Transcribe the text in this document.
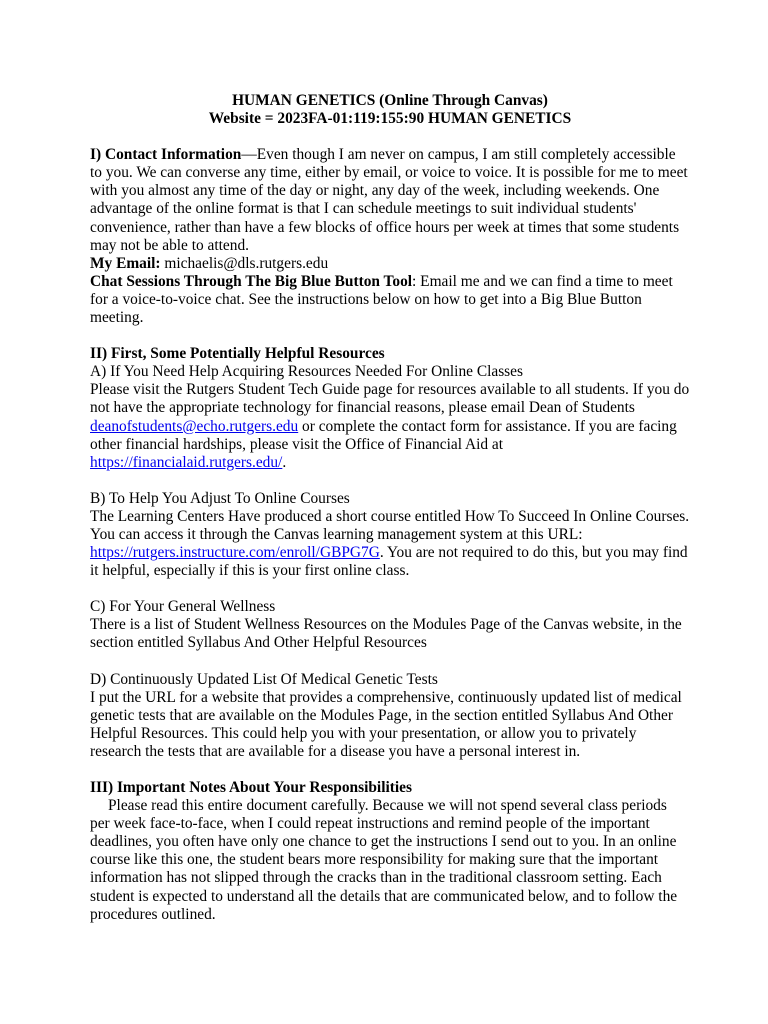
HUMAN GENETICS (Online Through Canvas)

Website = 2023FA-01:119:155:90 HUMAN GENETICS

I) Contact Information—Even though I am never on campus, I am still completely accessible to you. We can converse any time, either by email, or voice to voice. It is possible for me to meet with you almost any time of the day or night, any day of the week, including weekends. One advantage of the online format is that I can schedule meetings to suit individual students' convenience, rather than have a few blocks of office hours per week at times that some students may not be able to attend.

My Email: michaelis@dls.rutgers.edu

Chat Sessions Through The Big Blue Button Tool: Email me and we can find a time to meet for a voice-to-voice chat. See the instructions below on how to get into a Big Blue Button meeting.

II) First, Some Potentially Helpful Resources

A) If You Need Help Acquiring Resources Needed For Online Classes

Please visit the Rutgers Student Tech Guide page for resources available to all students. If you do not have the appropriate technology for financial reasons, please email Dean of Students deanofstudents@echo.rutgers.edu or complete the contact form for assistance. If you are facing other financial hardships, please visit the Office of Financial Aid at https://financialaid.rutgers.edu/.

B) To Help You Adjust To Online Courses

The Learning Centers Have produced a short course entitled How To Succeed In Online Courses. You can access it through the Canvas learning management system at this URL: https://rutgers.instructure.com/enroll/GBPG7G. You are not required to do this, but you may find it helpful, especially if this is your first online class.

C) For Your General Wellness

There is a list of Student Wellness Resources on the Modules Page of the Canvas website, in the section entitled Syllabus And Other Helpful Resources

D) Continuously Updated List Of Medical Genetic Tests

I put the URL for a website that provides a comprehensive, continuously updated list of medical genetic tests that are available on the Modules Page, in the section entitled Syllabus And Other Helpful Resources. This could help you with your presentation, or allow you to privately research the tests that are available for a disease you have a personal interest in.

III) Important Notes About Your Responsibilities

Please read this entire document carefully. Because we will not spend several class periods per week face-to-face, when I could repeat instructions and remind people of the important deadlines, you often have only one chance to get the instructions I send out to you. In an online course like this one, the student bears more responsibility for making sure that the important information has not slipped through the cracks than in the traditional classroom setting. Each student is expected to understand all the details that are communicated below, and to follow the procedures outlined.
